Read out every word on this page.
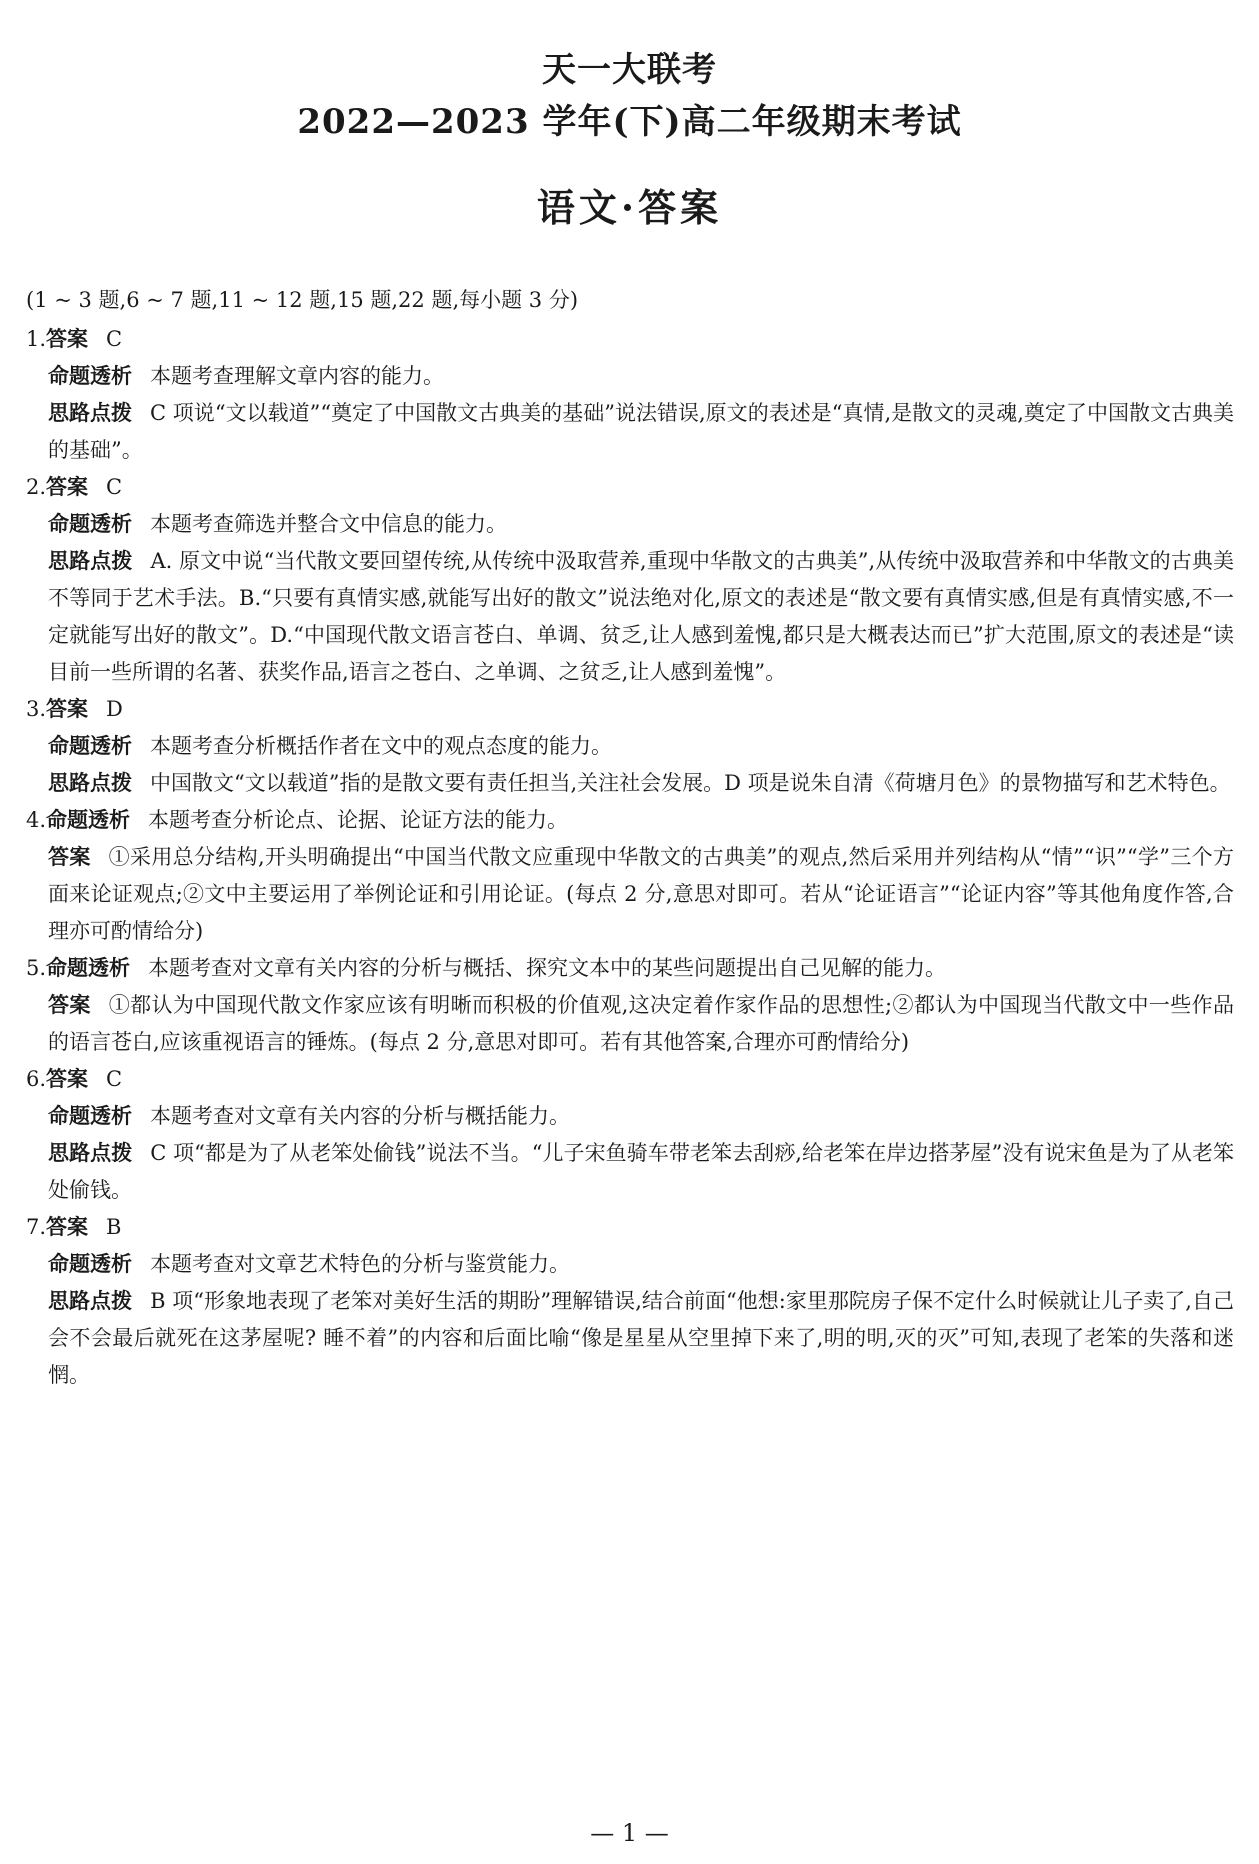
天一大联考
2022—2023 学年(下)高二年级期末考试
语文·答案

(1 ~ 3 题,6 ~ 7 题,11 ~ 12 题,15 题,22 题,每小题 3 分)

1.答案 C

命题透析 本题考查理解文章内容的能力。

思路点拨 C 项说“文以载道”“奠定了中国散文古典美的基础”说法错误,原文的表述是“真情,是散文的灵魂,奠定了中国散文古典美的基础”。

2.答案 C

命题透析 本题考查筛选并整合文中信息的能力。

思路点拨 A. 原文中说“当代散文要回望传统,从传统中汲取营养,重现中华散文的古典美”,从传统中汲取营养和中华散文的古典美不等同于艺术手法。B.“只要有真情实感,就能写出好的散文”说法绝对化,原文的表述是“散文要有真情实感,但是有真情实感,不一定就能写出好的散文”。D.“中国现代散文语言苍白、单调、贫乏,让人感到羞愧,都只是大概表达而已”扩大范围,原文的表述是“读目前一些所谓的名著、获奖作品,语言之苍白、之单调、之贫乏,让人感到羞愧”。

3.答案 D

命题透析 本题考查分析概括作者在文中的观点态度的能力。

思路点拨 中国散文“文以载道”指的是散文要有责任担当,关注社会发展。D 项是说朱自清《荷塘月色》的景物描写和艺术特色。

4.命题透析 本题考查分析论点、论据、论证方法的能力。

答案 ①采用总分结构,开头明确提出“中国当代散文应重现中华散文的古典美”的观点,然后采用并列结构从“情”“识”“学”三个方面来论证观点;②文中主要运用了举例论证和引用论证。(每点 2 分,意思对即可。若从“论证语言”“论证内容”等其他角度作答,合理亦可酌情给分)

5.命题透析 本题考查对文章有关内容的分析与概括、探究文本中的某些问题提出自己见解的能力。

答案 ①都认为中国现代散文作家应该有明晰而积极的价值观,这决定着作家作品的思想性;②都认为中国现当代散文中一些作品的语言苍白,应该重视语言的锤炼。(每点 2 分,意思对即可。若有其他答案,合理亦可酌情给分)

6.答案 C

命题透析 本题考查对文章有关内容的分析与概括能力。

思路点拨 C 项“都是为了从老笨处偷钱”说法不当。“儿子宋鱼骑车带老笨去刮痧,给老笨在岸边搭茅屋”没有说宋鱼是为了从老笨处偷钱。

7.答案 B

命题透析 本题考查对文章艺术特色的分析与鉴赏能力。

思路点拨 B 项“形象地表现了老笨对美好生活的期盼”理解错误,结合前面“他想:家里那院房子保不定什么时候就让儿子卖了,自己会不会最后就死在这茅屋呢? 睡不着”的内容和后面比喻“像是星星从空里掉下来了,明的明,灭的灭”可知,表现了老笨的失落和迷惘。

— 1 —
